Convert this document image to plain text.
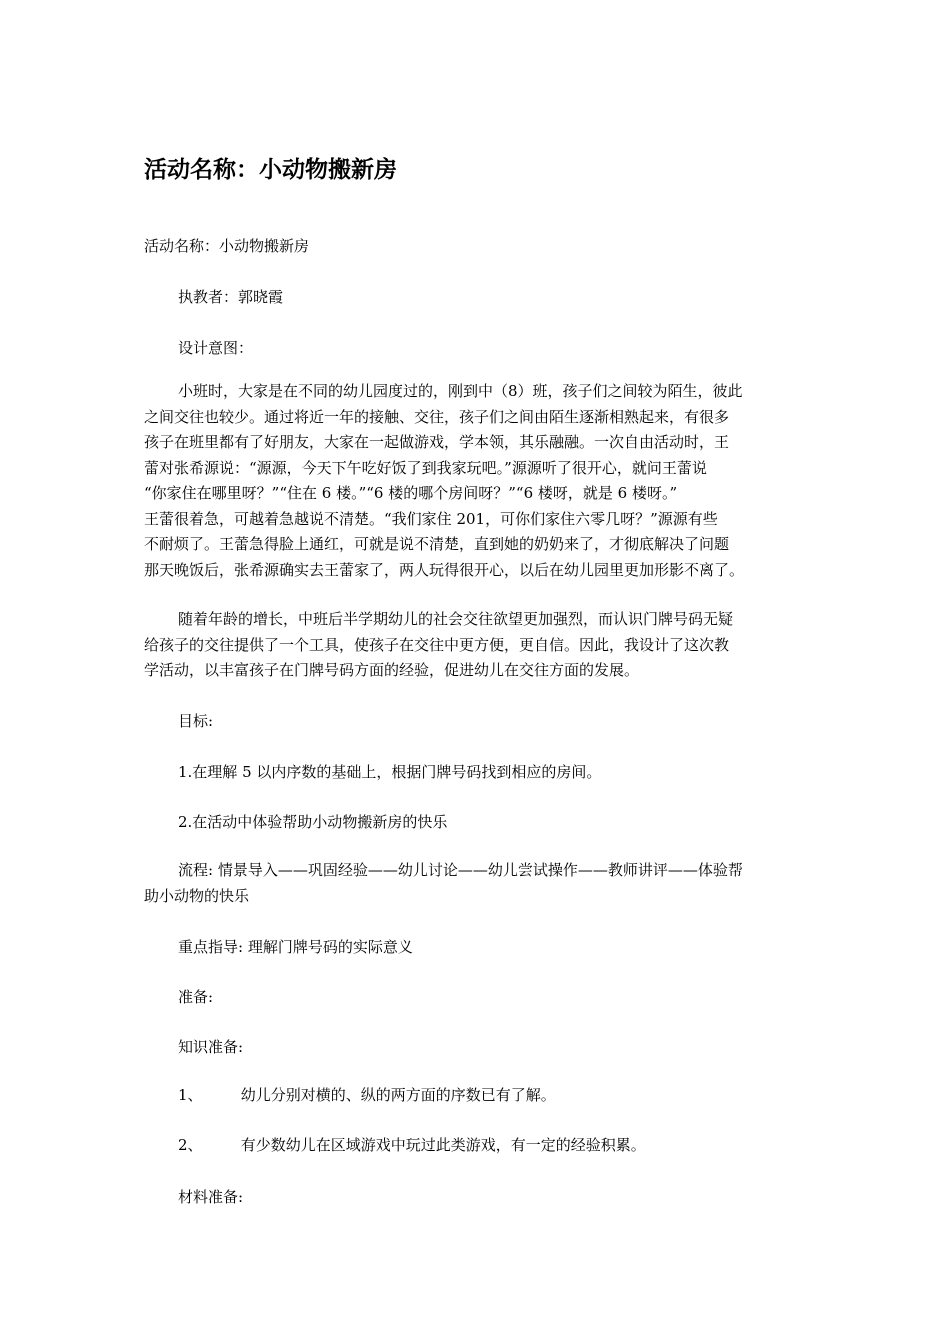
活动名称：小动物搬新房

活动名称：小动物搬新房

执教者：郭晓霞

设计意图：

小班时，大家是在不同的幼儿园度过的，刚到中（8）班，孩子们之间较为陌生，彼此
之间交往也较少。通过将近一年的接触、交往，孩子们之间由陌生逐渐相熟起来，有很多
孩子在班里都有了好朋友，大家在一起做游戏，学本领，其乐融融。一次自由活动时，王
蕾对张希源说：“源源，今天下午吃好饭了到我家玩吧。”源源听了很开心，就问王蕾说
“你家住在哪里呀？”“住在 6 楼。”“6 楼的哪个房间呀？”“6 楼呀，就是 6 楼呀。”
王蕾很着急，可越着急越说不清楚。“我们家住 201，可你们家住六零几呀？”源源有些
不耐烦了。王蕾急得脸上通红，可就是说不清楚，直到她的奶奶来了，才彻底解决了问题
那天晚饭后，张希源确实去王蕾家了，两人玩得很开心，以后在幼儿园里更加形影不离了。
随着年龄的增长，中班后半学期幼儿的社会交往欲望更加强烈，而认识门牌号码无疑
给孩子的交往提供了一个工具，使孩子在交往中更方便，更自信。因此，我设计了这次教
学活动，以丰富孩子在门牌号码方面的经验，促进幼儿在交往方面的发展。

目标:

1.在理解 5 以内序数的基础上，根据门牌号码找到相应的房间。

2.在活动中体验帮助小动物搬新房的快乐

流程: 情景导入——巩固经验——幼儿讨论——幼儿尝试操作——教师讲评——体验帮
助小动物的快乐

重点指导: 理解门牌号码的实际意义

准备:

知识准备:

1、	幼儿分别对横的、纵的两方面的序数已有了解。
2、	有少数幼儿在区域游戏中玩过此类游戏，有一定的经验积累。

材料准备:
